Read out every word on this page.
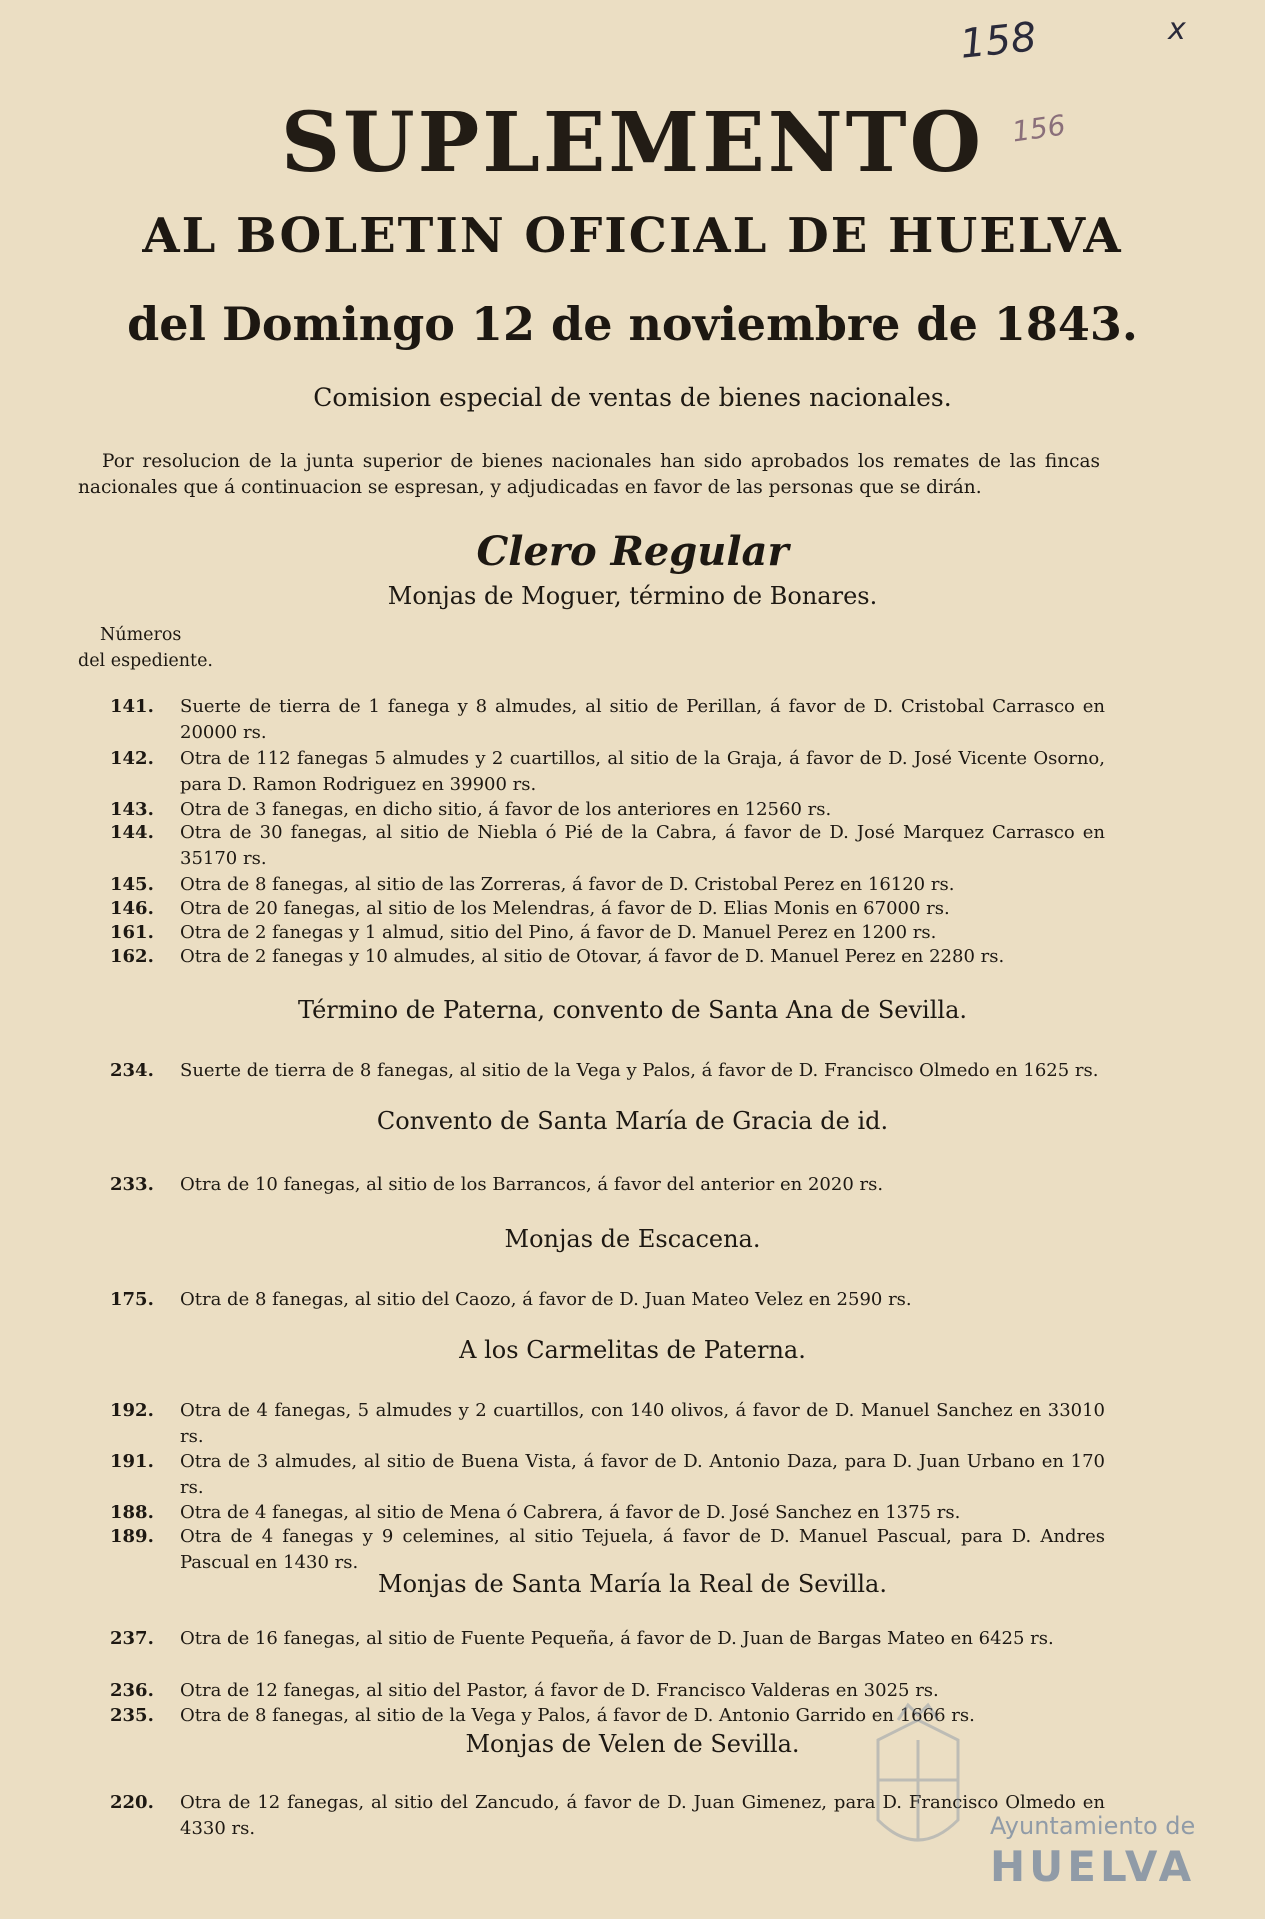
158	x
156
SUPLEMENTO
AL BOLETIN OFICIAL DE HUELVA
del Domingo 12 de noviembre de 1843.
Comision especial de ventas de bienes nacionales.
Por resolucion de la junta superior de bienes nacionales han sido aprobados los remates de las fincas nacionales que á continuacion se espresan, y adjudicadas en favor de las personas que se dirán.
Clero Regular
Monjas de Moguer, término de Bonares.
Números
del espediente.
141.	Suerte de tierra de 1 fanega y 8 almudes, al sitio de Perillan, á favor de D. Cristobal Carrasco en 20000 rs.
142.	Otra de 112 fanegas 5 almudes y 2 cuartillos, al sitio de la Graja, á favor de D. José Vicente Osorno, para D. Ramon Rodriguez en 39900 rs.
143.	Otra de 3 fanegas, en dicho sitio, á favor de los anteriores en 12560 rs.
144.	Otra de 30 fanegas, al sitio de Niebla ó Pié de la Cabra, á favor de D. José Marquez Carrasco en 35170 rs.
145.	Otra de 8 fanegas, al sitio de las Zorreras, á favor de D. Cristobal Perez en 16120 rs.
146.	Otra de 20 fanegas, al sitio de los Melendras, á favor de D. Elias Monis en 67000 rs.
161.	Otra de 2 fanegas y 1 almud, sitio del Pino, á favor de D. Manuel Perez en 1200 rs.
162.	Otra de 2 fanegas y 10 almudes, al sitio de Otovar, á favor de D. Manuel Perez en 2280 rs.
Término de Paterna, convento de Santa Ana de Sevilla.
234.	Suerte de tierra de 8 fanegas, al sitio de la Vega y Palos, á favor de D. Francisco Olmedo en 1625 rs.
Convento de Santa María de Gracia de id.
233.	Otra de 10 fanegas, al sitio de los Barrancos, á favor del anterior en 2020 rs.
Monjas de Escacena.
175.	Otra de 8 fanegas, al sitio del Caozo, á favor de D. Juan Mateo Velez en 2590 rs.
A los Carmelitas de Paterna.
192.	Otra de 4 fanegas, 5 almudes y 2 cuartillos, con 140 olivos, á favor de D. Manuel Sanchez en 33010 rs.
191.	Otra de 3 almudes, al sitio de Buena Vista, á favor de D. Antonio Daza, para D. Juan Urbano en 170 rs.
188.	Otra de 4 fanegas, al sitio de Mena ó Cabrera, á favor de D. José Sanchez en 1375 rs.
189.	Otra de 4 fanegas y 9 celemines, al sitio Tejuela, á favor de D. Manuel Pascual, para D. Andres Pascual en 1430 rs.
Monjas de Santa María la Real de Sevilla.
237.	Otra de 16 fanegas, al sitio de Fuente Pequeña, á favor de D. Juan de Bargas Mateo en 6425 rs.
236.	Otra de 12 fanegas, al sitio del Pastor, á favor de D. Francisco Valderas en 3025 rs.
235.	Otra de 8 fanegas, al sitio de la Vega y Palos, á favor de D. Antonio Garrido en 1666 rs.
Monjas de Velen de Sevilla.
220.	Otra de 12 fanegas, al sitio del Zancudo, á favor de D. Juan Gimenez, para D. Francisco Olmedo en 4330 rs.	Ayuntamiento de
HUELVA
